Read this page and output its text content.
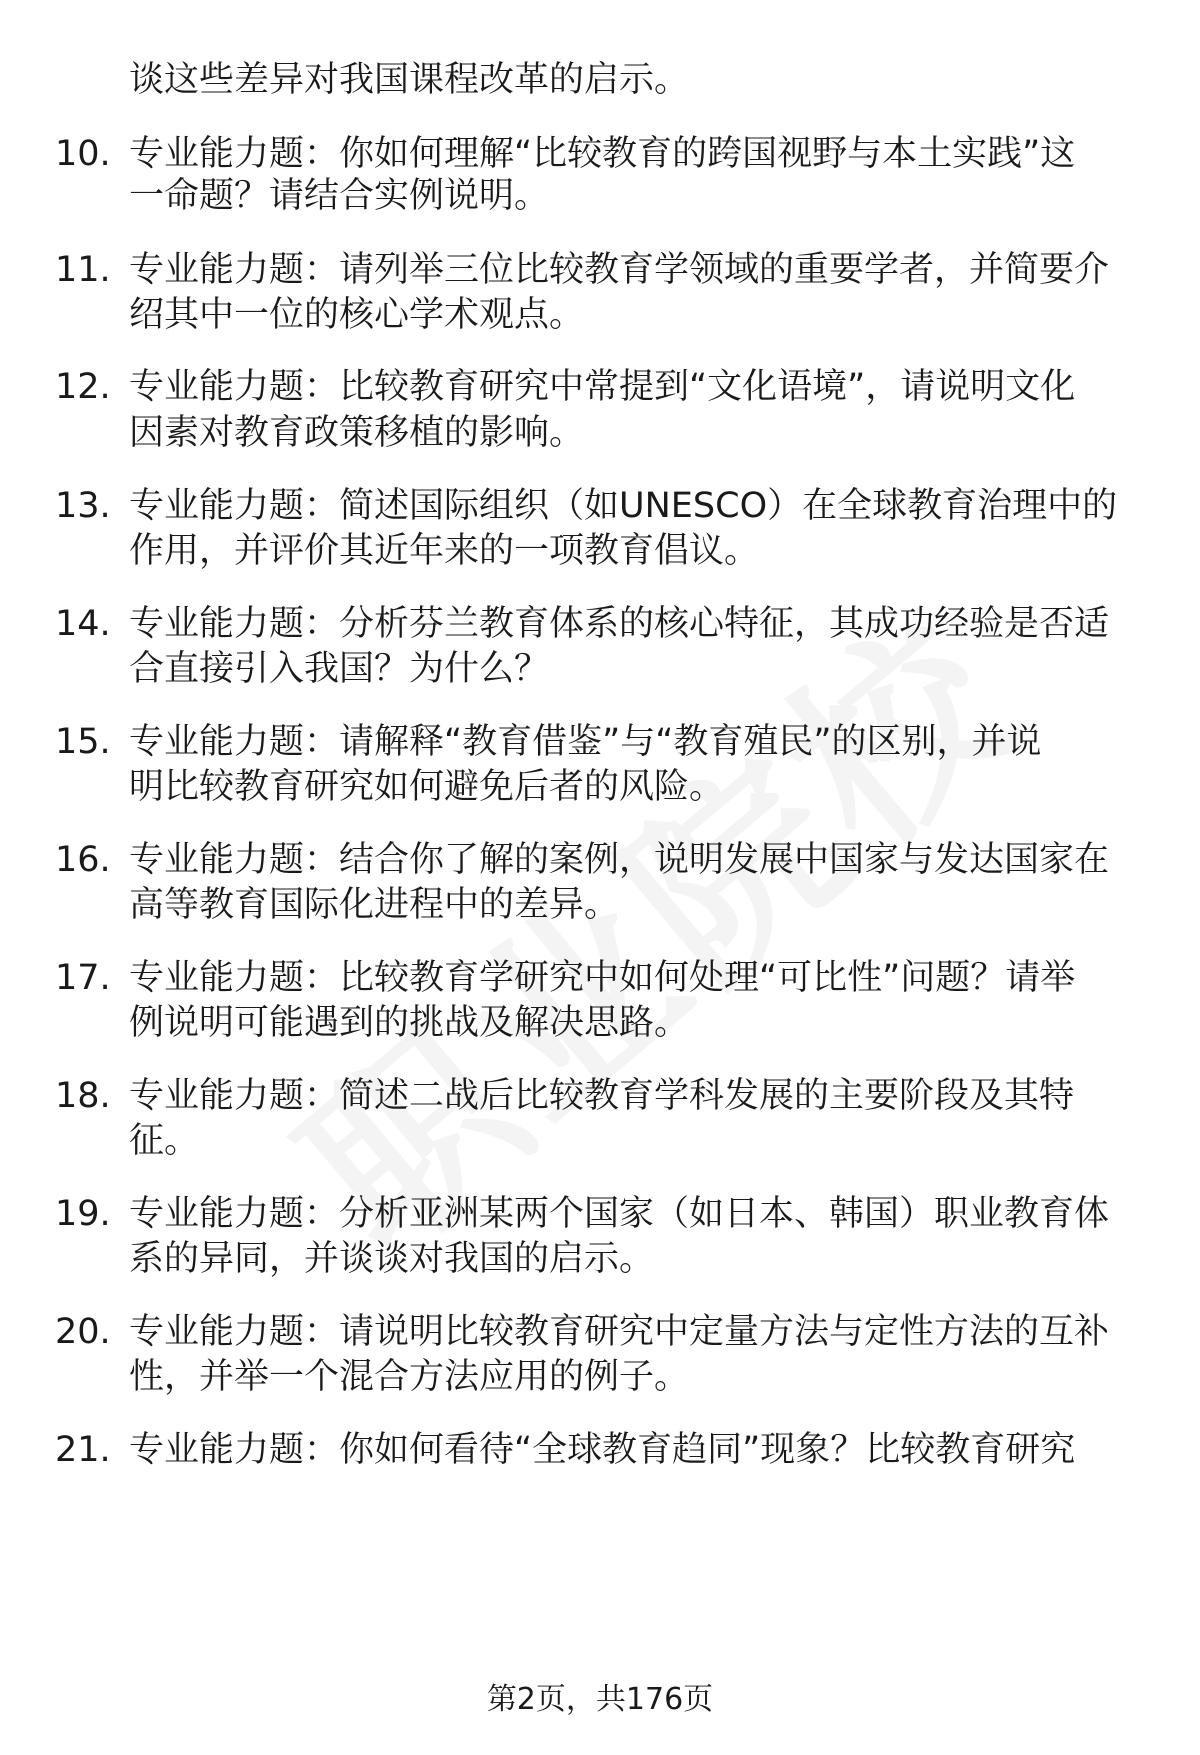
谈这些差异对我国课程改革的启示。
10. 专业能力题：你如何理解“比较教育的跨国视野与本土实践”这
一命题？请结合实例说明。
11. 专业能力题：请列举三位比较教育学领域的重要学者，并简要介
绍其中一位的核心学术观点。
12. 专业能力题：比较教育研究中常提到“文化语境”，请说明文化
因素对教育政策移植的影响。
13. 专业能力题：简述国际组织（如UNESCO）在全球教育治理中的
作用，并评价其近年来的一项教育倡议。
14. 专业能力题：分析芬兰教育体系的核心特征，其成功经验是否适
合直接引入我国？为什么？
15. 专业能力题：请解释“教育借鉴”与“教育殖民”的区别，并说
明比较教育研究如何避免后者的风险。
16. 专业能力题：结合你了解的案例，说明发展中国家与发达国家在
高等教育国际化进程中的差异。
17. 专业能力题：比较教育学研究中如何处理“可比性”问题？请举
例说明可能遇到的挑战及解决思路。
18. 专业能力题：简述二战后比较教育学科发展的主要阶段及其特
征。
19. 专业能力题：分析亚洲某两个国家（如日本、韩国）职业教育体
系的异同，并谈谈对我国的启示。
20. 专业能力题：请说明比较教育研究中定量方法与定性方法的互补
性，并举一个混合方法应用的例子。
21. 专业能力题：你如何看待“全球教育趋同”现象？比较教育研究
第2页，共176页
